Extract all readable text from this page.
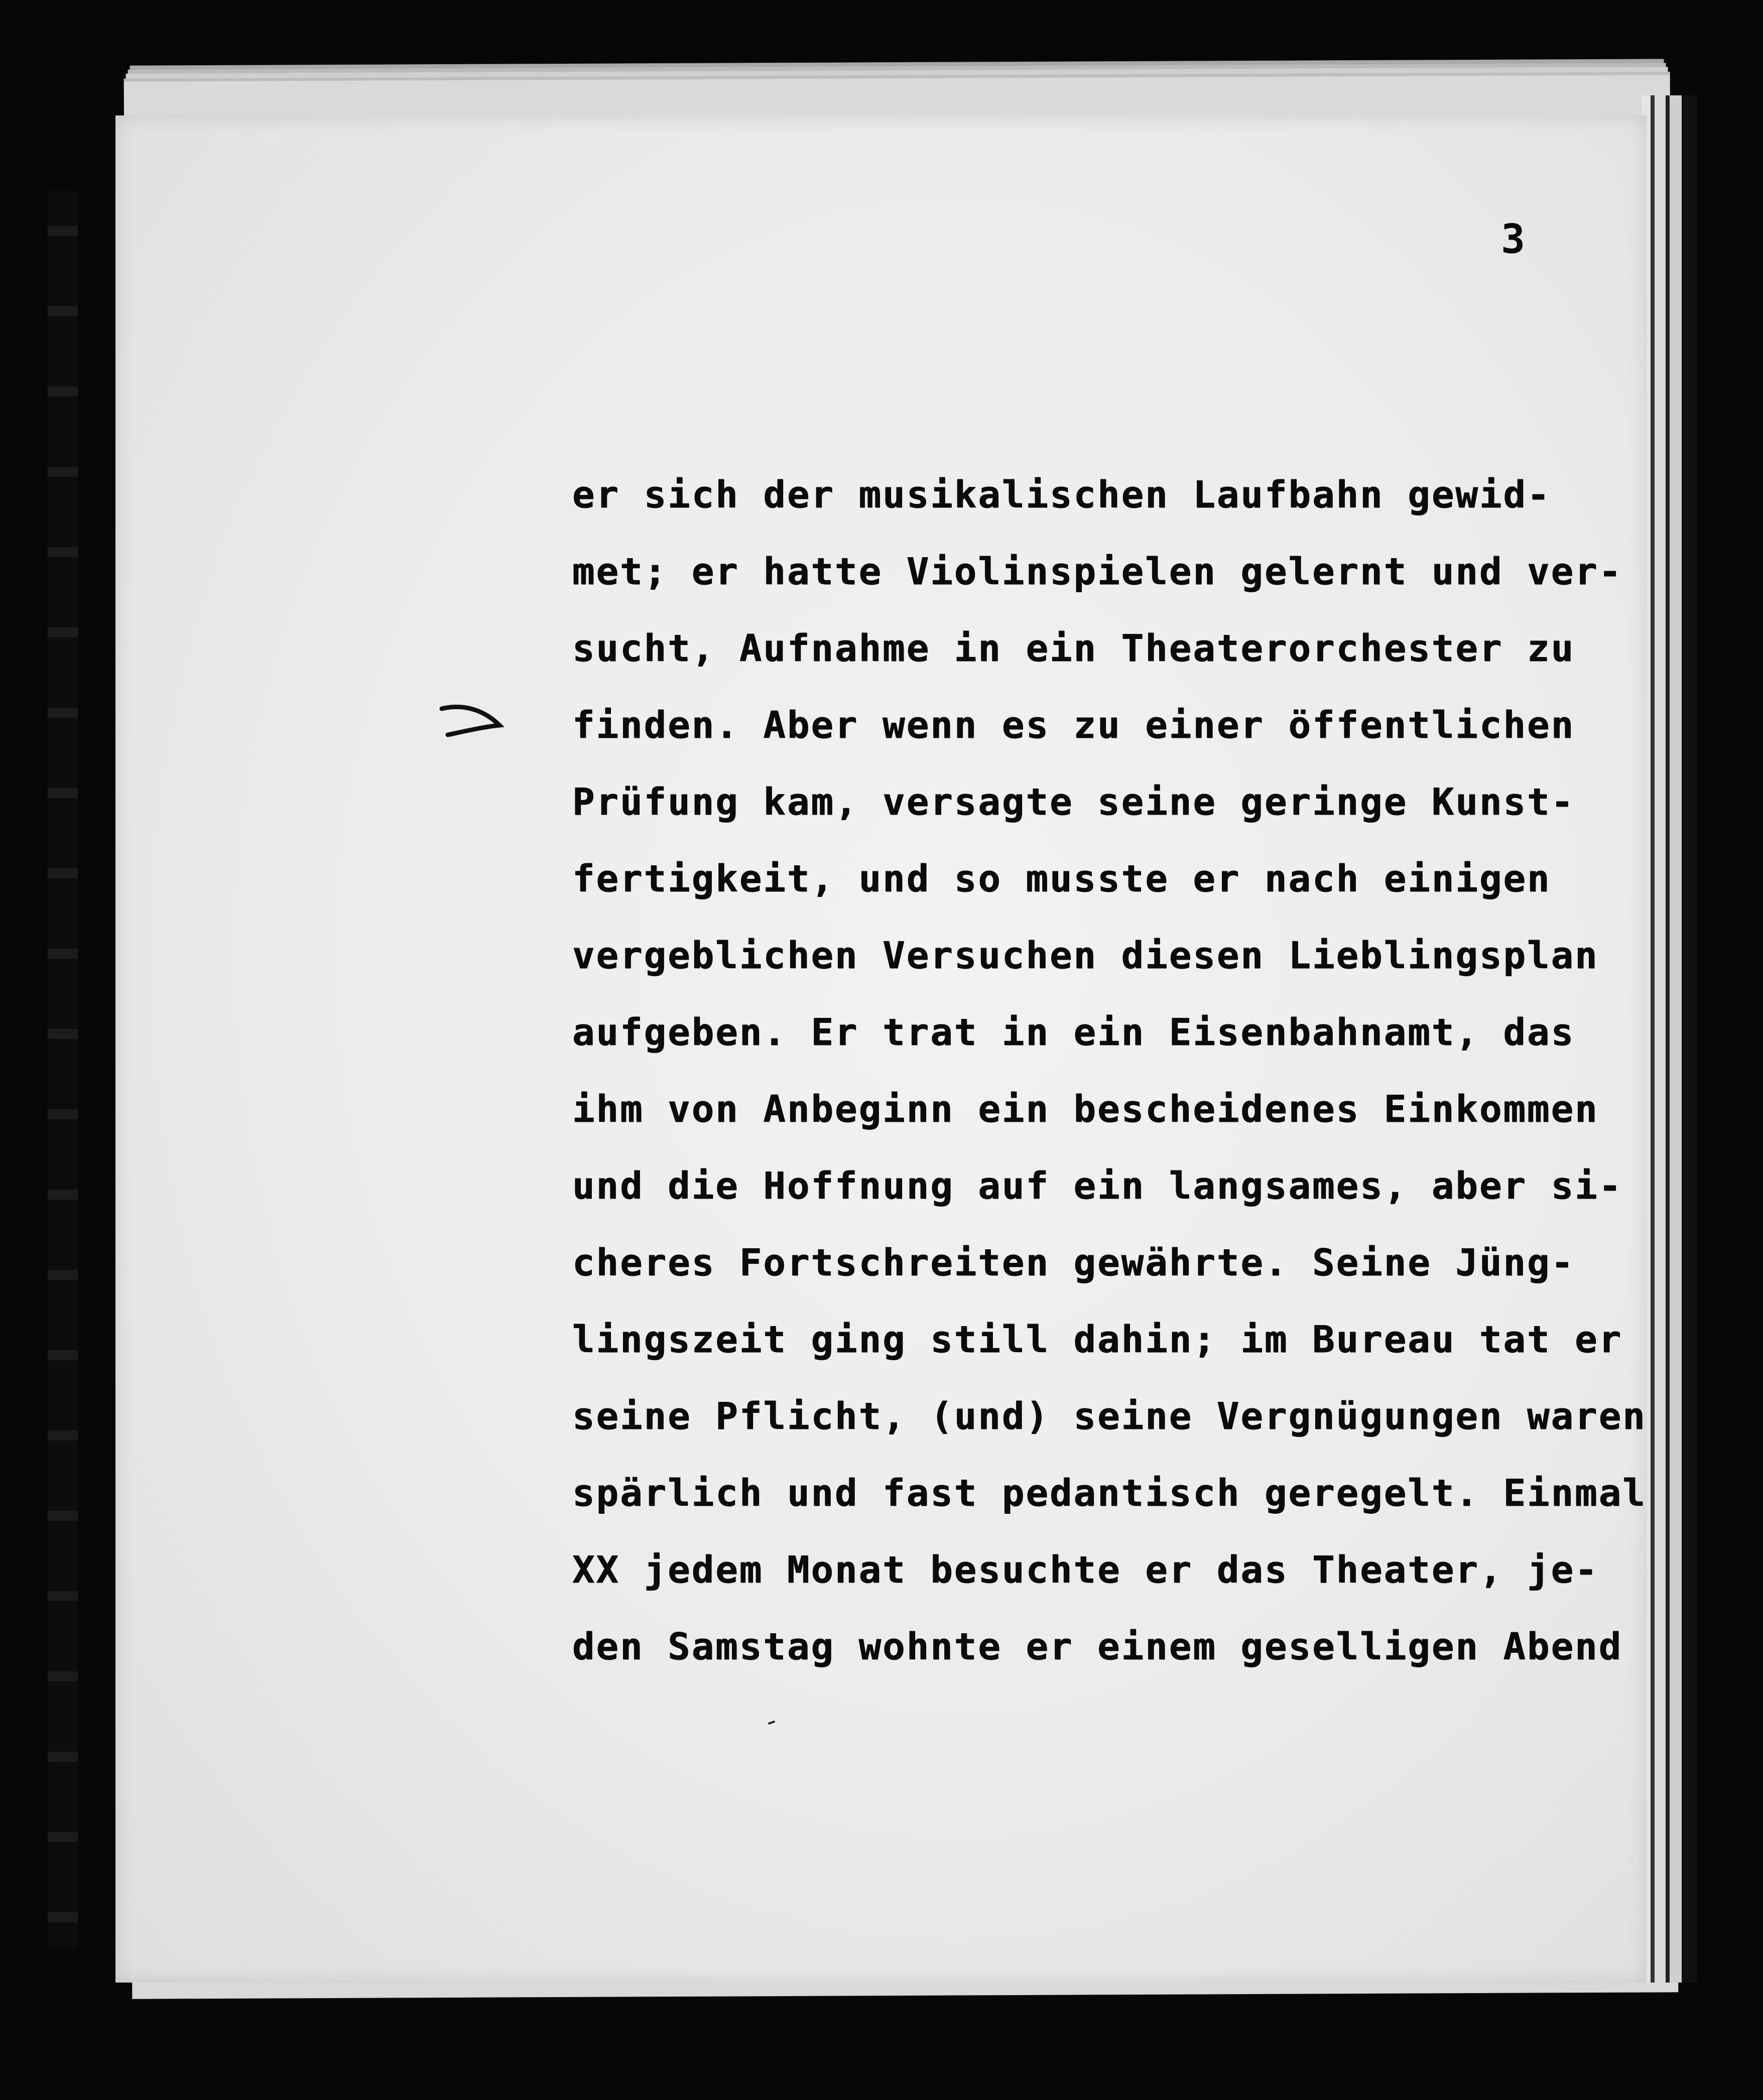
3
er sich der musikalischen Laufbahn gewid-
met; er hatte Violinspielen gelernt und ver-
sucht, Aufnahme in ein Theaterorchester zu
finden. Aber wenn es zu einer öffentlichen
Prüfung kam, versagte seine geringe Kunst-
fertigkeit, und so musste er nach einigen
vergeblichen Versuchen diesen Lieblingsplan
aufgeben. Er trat in ein Eisenbahnamt, das
ihm von Anbeginn ein bescheidenes Einkommen
und die Hoffnung auf ein langsames, aber si-
cheres Fortschreiten gewährte. Seine Jüng-
lingszeit ging still dahin; im Bureau tat er
seine Pflicht, (und) seine Vergnügungen waren
spärlich und fast pedantisch geregelt. Einmal
XX jedem Monat besuchte er das Theater, je-
den Samstag wohnte er einem geselligen Abend
